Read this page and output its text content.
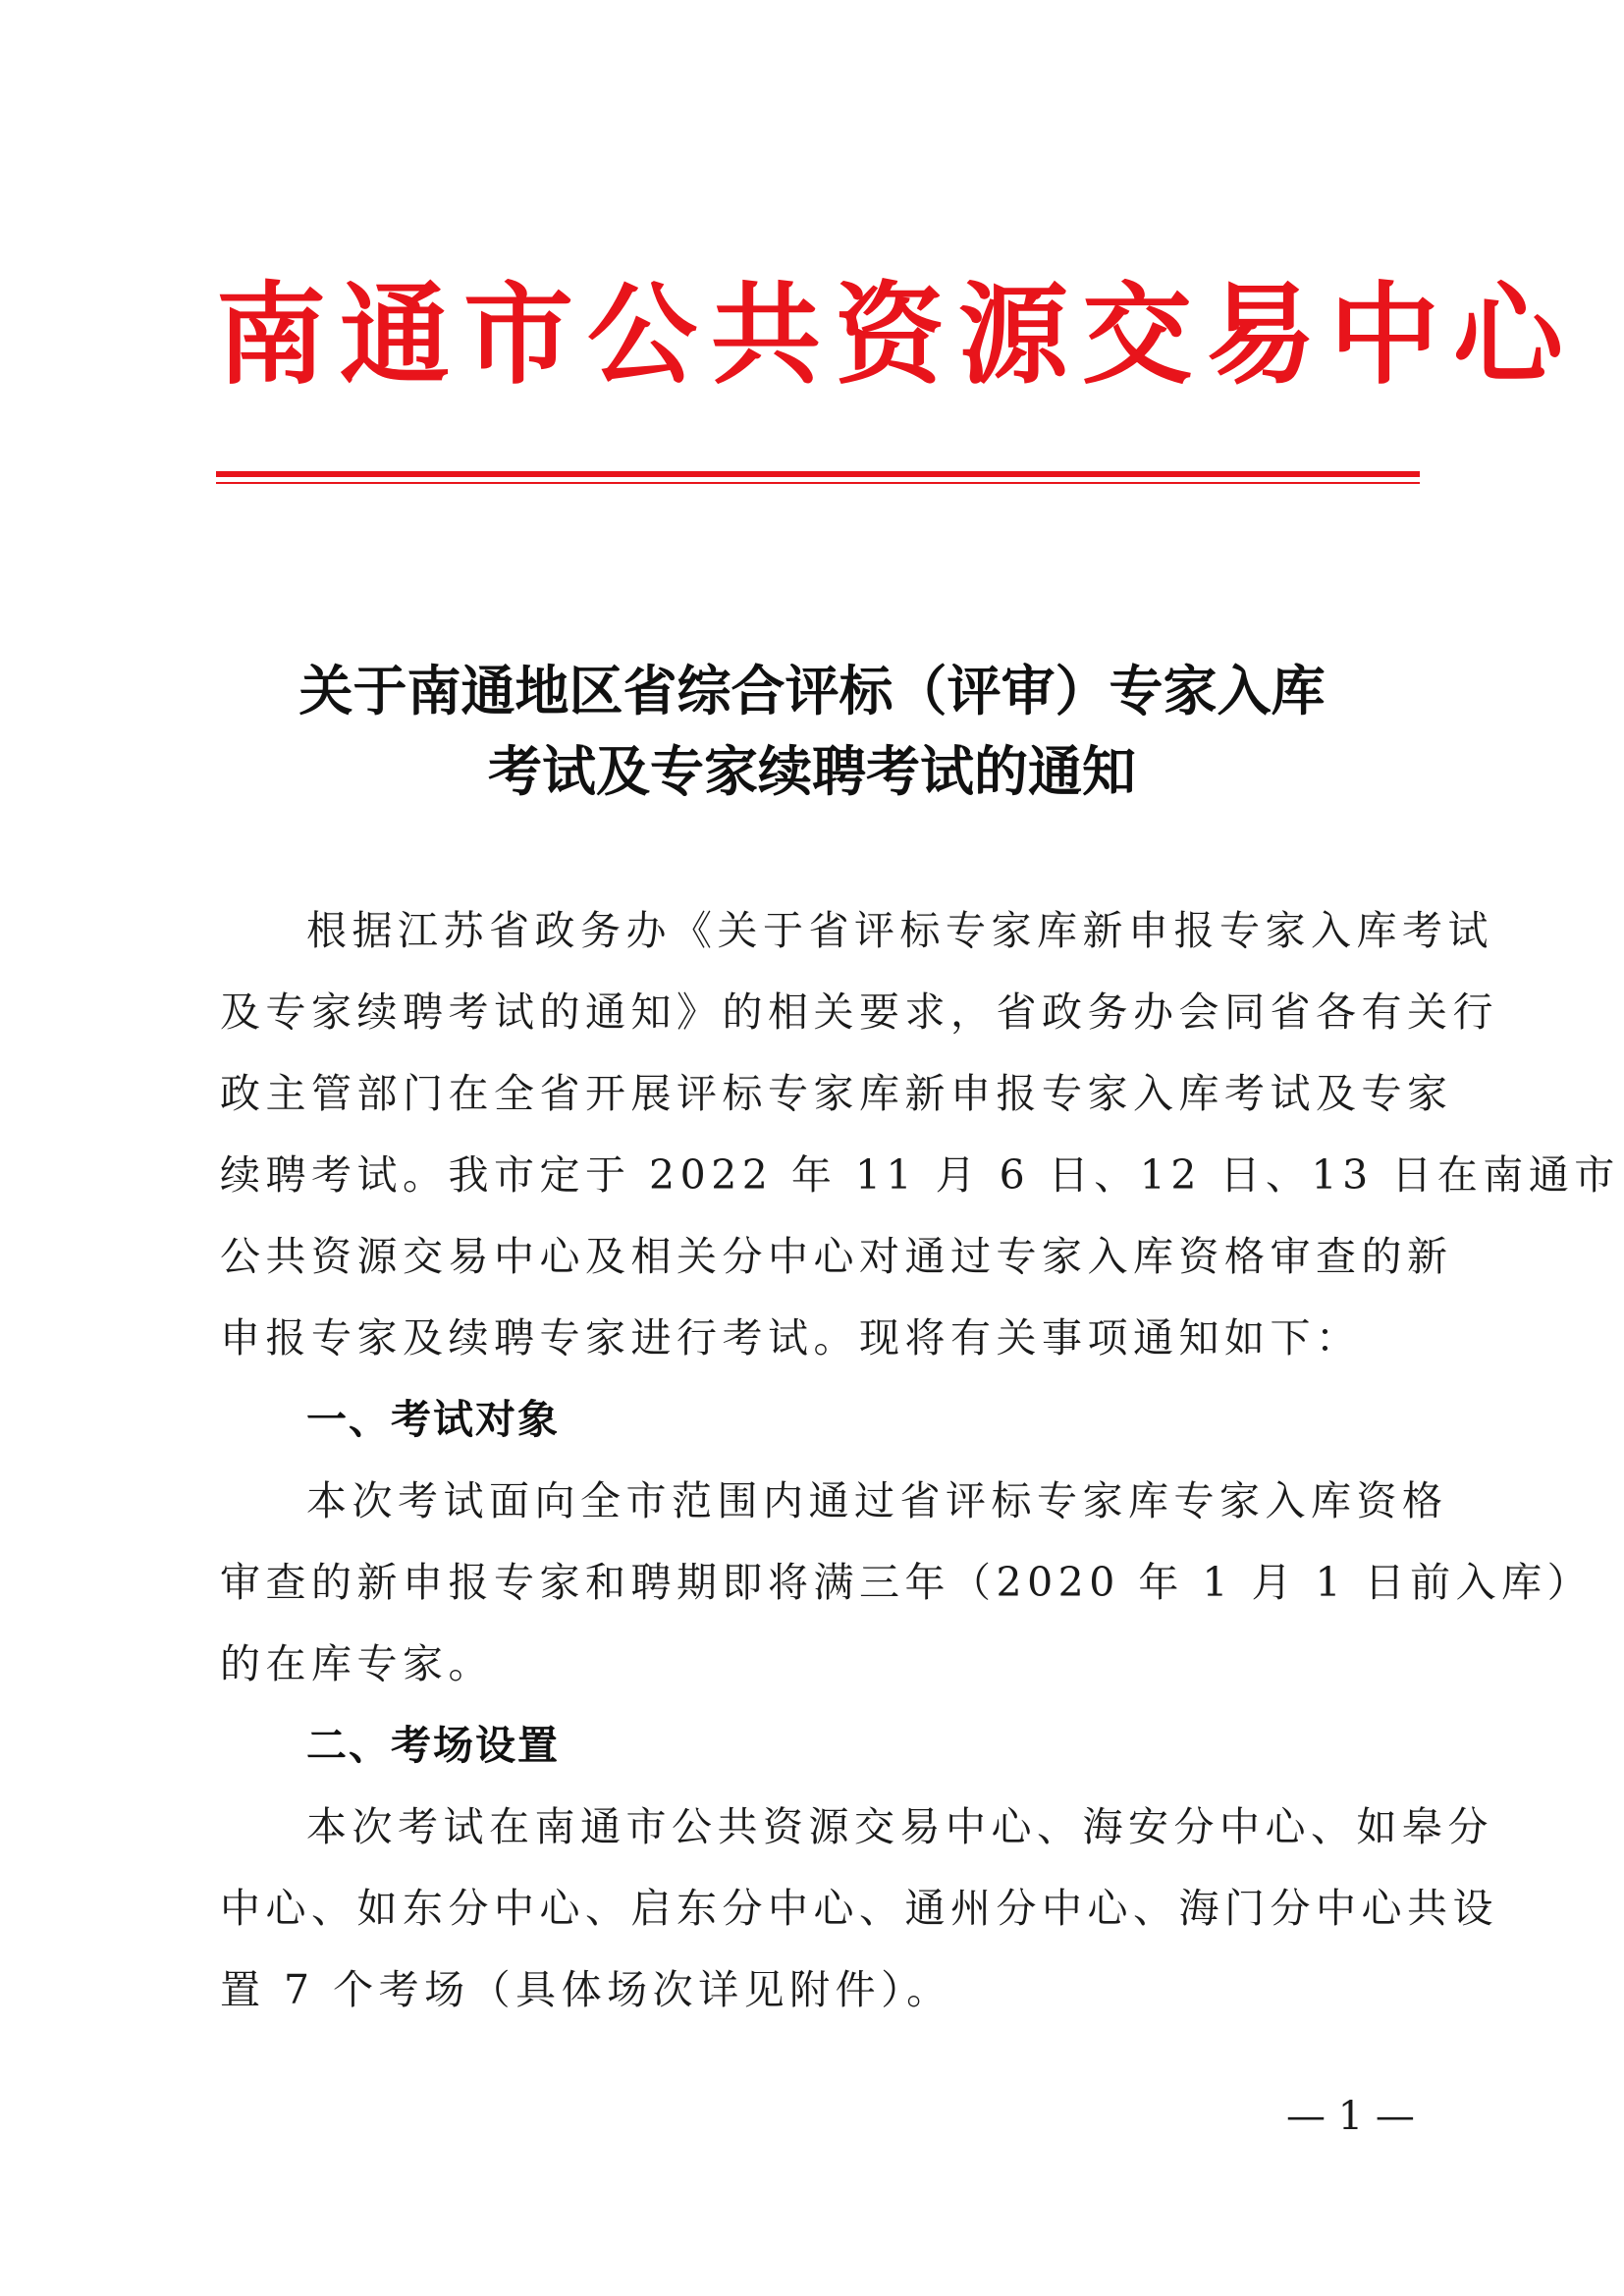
南通市公共资源交易中心
关于南通地区省综合评标（评审）专家入库
考试及专家续聘考试的通知
根据江苏省政务办《关于省评标专家库新申报专家入库考试
及专家续聘考试的通知》的相关要求，省政务办会同省各有关行
政主管部门在全省开展评标专家库新申报专家入库考试及专家
续聘考试。我市定于 2022 年 11 月 6 日、12 日、13 日在南通市
公共资源交易中心及相关分中心对通过专家入库资格审查的新
申报专家及续聘专家进行考试。现将有关事项通知如下：
一、考试对象
本次考试面向全市范围内通过省评标专家库专家入库资格
审查的新申报专家和聘期即将满三年（2020 年 1 月 1 日前入库）
的在库专家。
二、考场设置
本次考试在南通市公共资源交易中心、海安分中心、如皋分
中心、如东分中心、启东分中心、通州分中心、海门分中心共设
置 7 个考场（具体场次详见附件）。
— 1 —
